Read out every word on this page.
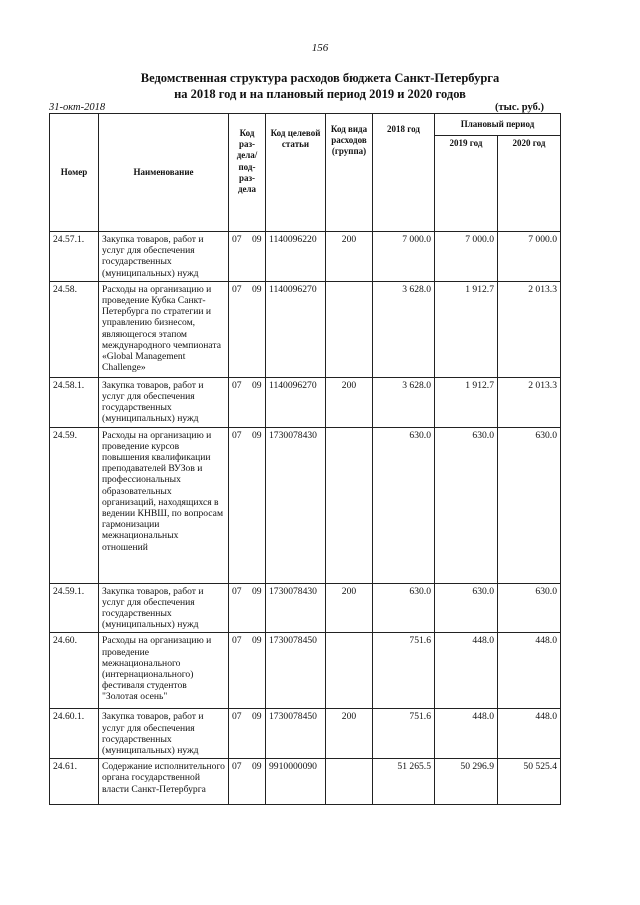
156
Ведомственная структура расходов бюджета Санкт-Петербурга
на 2018 год и на плановый период 2019 и 2020 годов
31-окт-2018	(тыс. руб.)
Номер	Наименование	Код раз-дела/ под-раз-дела	Код целевой статьи	Код вида расходов (группа)	2018 год	Плановый период	
						2019 год	2020 год
24.57.1.	Закупка товаров, работ и услуг для обеспечения государственных (муниципальных) нужд	07 09	1140096220	200	7 000.0	7 000.0	7 000.0
24.58.	Расходы на организацию и проведение Кубка Санкт-Петербурга по стратегии и управлению бизнесом, являющегося этапом международного чемпионата «Global Management Challenge»	07 09	1140096270		3 628.0	1 912.7	2 013.3
24.58.1.	Закупка товаров, работ и услуг для обеспечения государственных (муниципальных) нужд	07 09	1140096270	200	3 628.0	1 912.7	2 013.3
24.59.	Расходы на организацию и проведение курсов повышения квалификации преподавателей ВУЗов и профессиональных образовательных организаций, находящихся в ведении КНВШ, по вопросам гармонизации межнациональных отношений	07 09	1730078430		630.0	630.0	630.0
24.59.1.	Закупка товаров, работ и услуг для обеспечения государственных (муниципальных) нужд	07 09	1730078430	200	630.0	630.0	630.0
24.60.	Расходы на организацию и проведение межнационального (интернационального) фестиваля студентов "Золотая осень"	07 09	1730078450		751.6	448.0	448.0
24.60.1.	Закупка товаров, работ и услуг для обеспечения государственных (муниципальных) нужд	07 09	1730078450	200	751.6	448.0	448.0
24.61.	Содержание исполнительного органа государственной власти Санкт-Петербурга	07 09	9910000090		51 265.5	50 296.9	50 525.4
